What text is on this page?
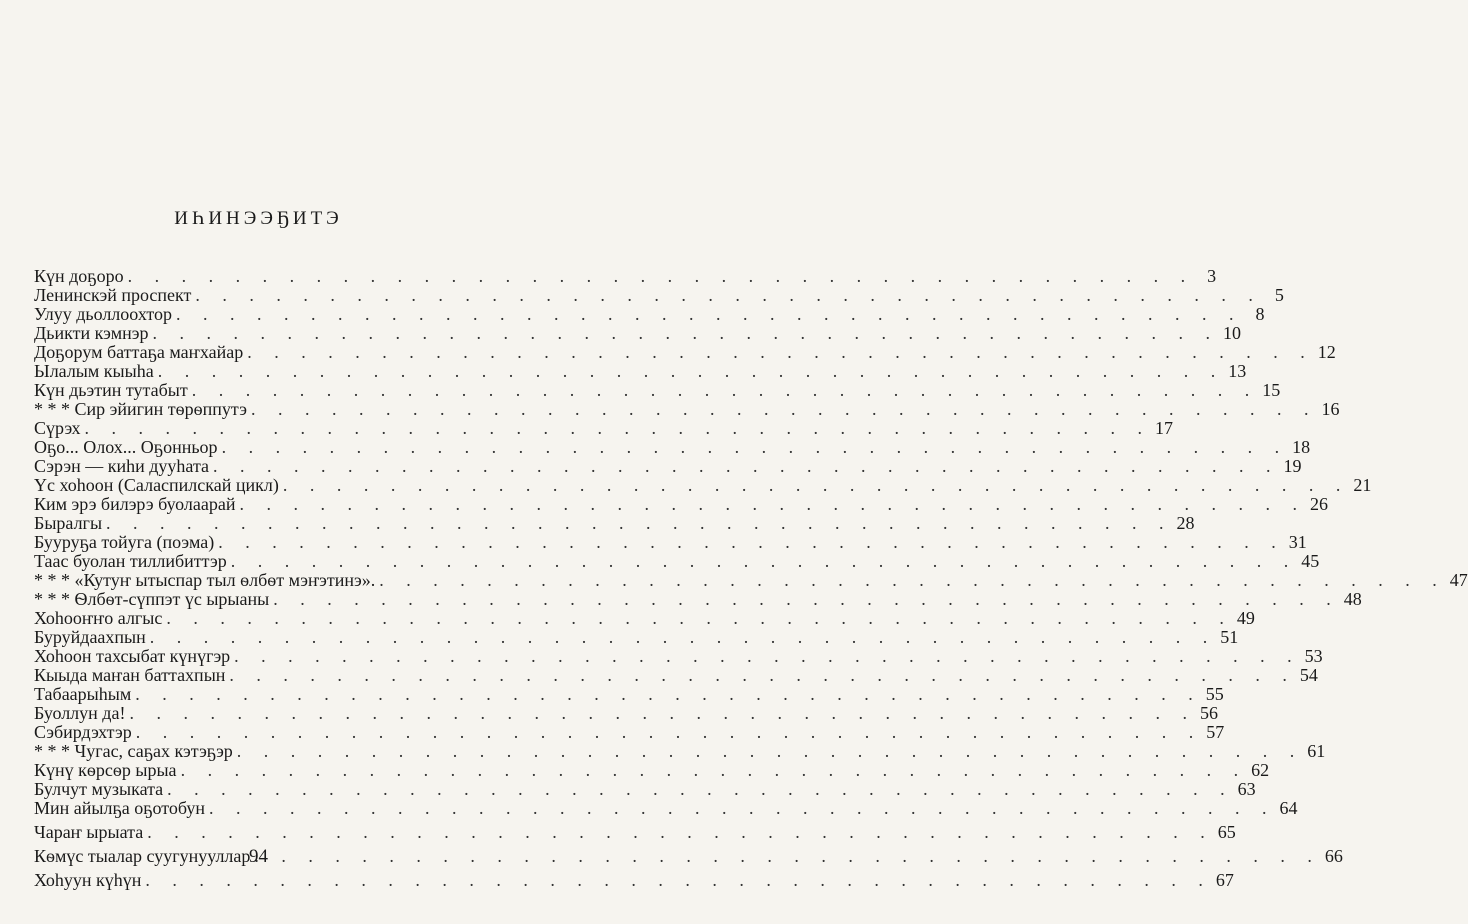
ИҺИНЭЭҔИТЭ
Күн доҕоро . . .	3
Ленинскэй проспект . . .	5
Улуу дьоллоохтор . . .	8
Дьикти кэмнэр . . .	10
Доҕорум баттаҕа маҥхайар . . .	12
Ылалым кыыһа . . .	13
Күн дьэтин тутабыт . . .	15
* * * Сир эйигин тѳрѳппутэ . . .	16
Сүрэх . . .	17
Оҕо... Олох... Оҕонньор . . .	18
Сэрэн — киһи дууһата . . .	19
Үс хоһоон (Саласпилскай цикл) . . .	21
Ким эрэ билэрэ буолаарай . . .	26
Быралгы . . .	28
Бууруҕа тойуга (поэма) . . .	31
Таас буолан тиллибиттэр . . .	45
* * * «Кутуҥ ытыспар тыл ѳлбѳт мэҥэтинэ». . . .	47
* * * Ѳлбѳт-сүппэт үс ырыаны . . .	48
Хоһооҥҥо алгыс . . .	49
Буруйдаахпын . . .	51
Хоһоон тахсыбат күнүгэр . . .	53
Кыыда маҥан баттахпын . . .	54
Табаарыһым . . .	55
Буоллун да! . . .	56
Сэбирдэхтэр . . .	57
* * * Чугас, саҕах кэтэҕэр . . .	61
Күнү кѳрсѳр ырыа . . .	62
Булчут музыката . . .	63
Мин айылҕа оҕотобун . . .	64
Чараҥ ырыата . . .	65
Кѳмүс тыалар суугунууллар . . .	66
Хоһуун күһүн . . .	67
94
